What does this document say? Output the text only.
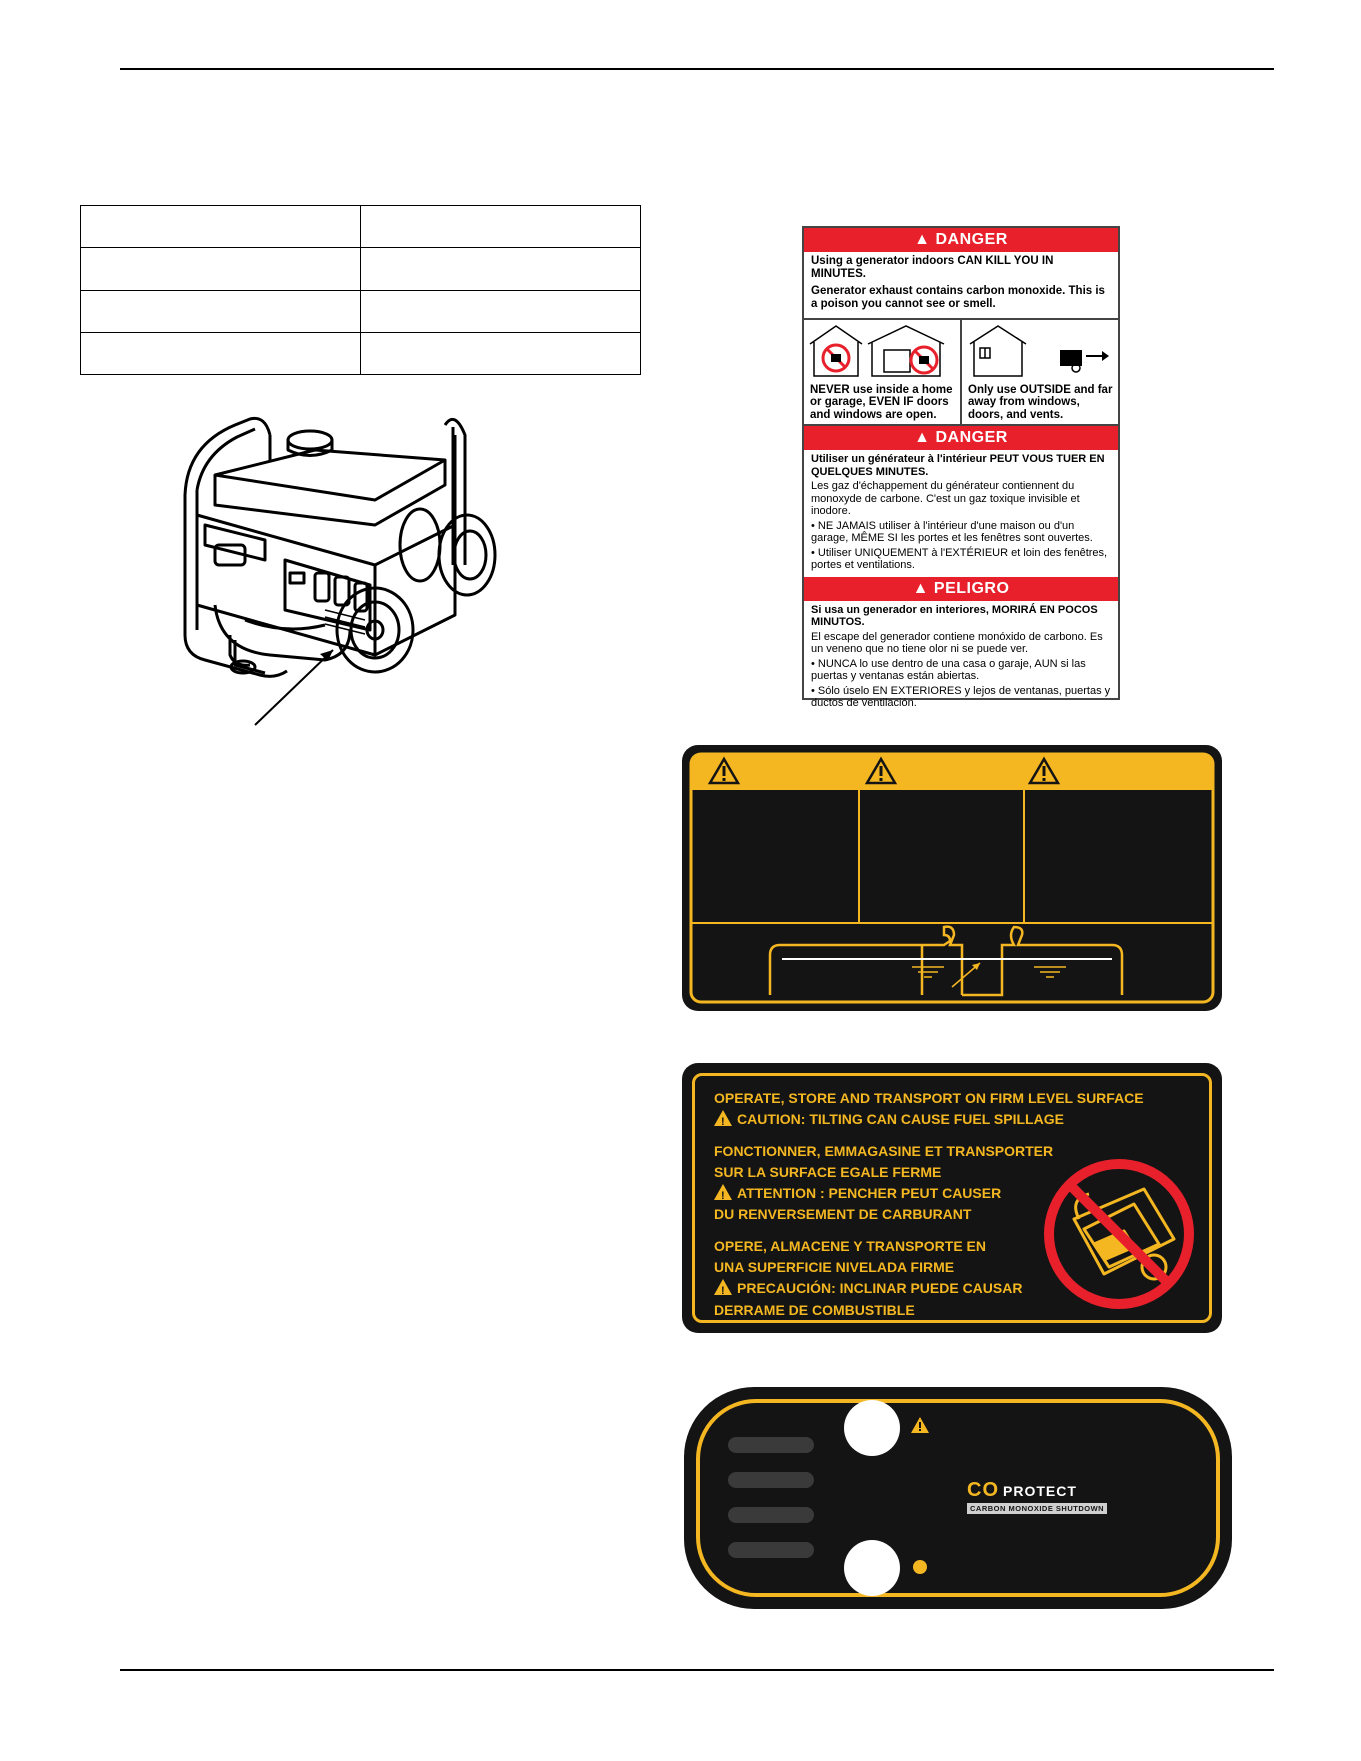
▲ DANGER

Using a generator indoors CAN KILL YOU IN MINUTES.

Generator exhaust contains carbon monoxide. This is a poison you cannot see or smell.

NEVER use inside a home or garage, EVEN IF doors and windows are open.
Only use OUTSIDE and far away from windows, doors, and vents.
▲ DANGER

Utiliser un générateur à l'intérieur PEUT VOUS TUER EN QUELQUES MINUTES.

Les gaz d'échappement du générateur contiennent du monoxyde de carbone. C'est un gaz toxique invisible et inodore.

• NE JAMAIS utiliser à l'intérieur d'une maison ou d'un garage, MÊME SI les portes et les fenêtres sont ouvertes.

• Utiliser UNIQUEMENT à l'EXTÉRIEUR et loin des fenêtres, portes et ventilations.

▲ PELIGRO

Si usa un generador en interiores, MORIRÁ EN POCOS MINUTOS.

El escape del generador contiene monóxido de carbono. Es un veneno que no tiene olor ni se puede ver.

• NUNCA lo use dentro de una casa o garaje, AUN si las puertas y ventanas están abiertas.

• Sólo úselo EN EXTERIORES y lejos de ventanas, puertas y ductos de ventilación.

OPERATE, STORE AND TRANSPORT ON FIRM LEVEL SURFACE
!CAUTION: TILTING CAN CAUSE FUEL SPILLAGE
FONCTIONNER, EMMAGASINE ET TRANSPORTER
SUR LA SURFACE EGALE FERME
!ATTENTION : PENCHER PEUT CAUSER
DU RENVERSEMENT DE CARBURANT
OPERE, ALMACENE Y TRANSPORTE EN
UNA SUPERFICIE NIVELADA FIRME
!PRECAUCIÓN: INCLINAR PUEDE CAUSAR
DERRAME DE COMBUSTIBLE
CO PROTECT
CARBON MONOXIDE SHUTDOWN
